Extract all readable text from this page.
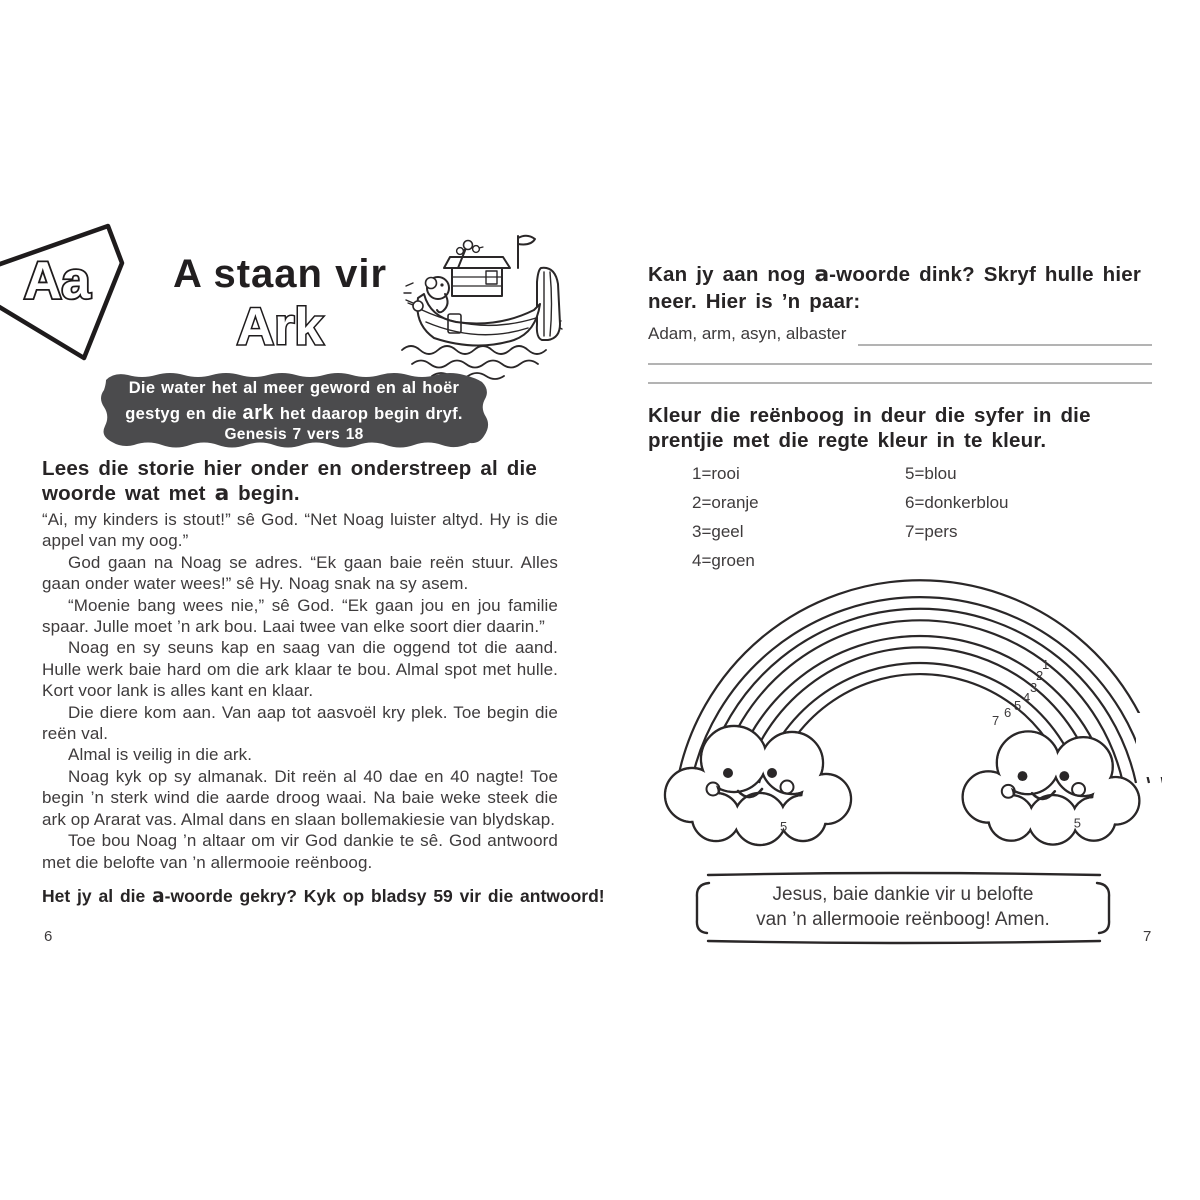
Aa	A staan vir
Ark
Die water het al meer geword en al hoër
gestyg en die ark het daarop begin dryf.
Genesis 7 vers 18
Lees die storie hier onder en onderstreep al die woorde wat met a begin.

“Ai, my kinders is stout!” sê God. “Net Noag luister altyd. Hy is die appel van my oog.”

God gaan na Noag se adres. “Ek gaan baie reën stuur. Alles gaan onder water wees!” sê Hy. Noag snak na sy asem.

“Moenie bang wees nie,” sê God. “Ek gaan jou en jou familie spaar. Julle moet ’n ark bou. Laai twee van elke soort dier daarin.”

Noag en sy seuns kap en saag van die oggend tot die aand. Hulle werk baie hard om die ark klaar te bou. Almal spot met hulle. Kort voor lank is alles kant en klaar.

Die diere kom aan. Van aap tot aasvoël kry plek. Toe begin die reën val.

Almal is veilig in die ark.

Noag kyk op sy almanak. Dit reën al 40 dae en 40 nagte! Toe begin ’n sterk wind die aarde droog waai. Na baie weke steek die ark op Ararat vas. Almal dans en slaan bollemakiesie van blydskap.

Toe bou Noag ’n altaar om vir God dankie te sê. God antwoord met die belofte van ’n allermooie reënboog.

Het jy al die a-woorde gekry? Kyk op bladsy 59 vir die antwoord!
6
Kan jy aan nog a-woorde dink? Skryf hulle hier neer. Hier is ’n paar:
Adam, arm, asyn, albaster
Kleur die reënboog in deur die syfer in die prentjie met die regte kleur in te kleur.
1=rooi
2=oranje
3=geel
4=groen
5=blou
6=donkerblou
7=pers
5	5
1
2
3
4
5
6
7
Jesus, baie dankie vir u belofte
van ’n allermooie reënboog! Amen.
7
